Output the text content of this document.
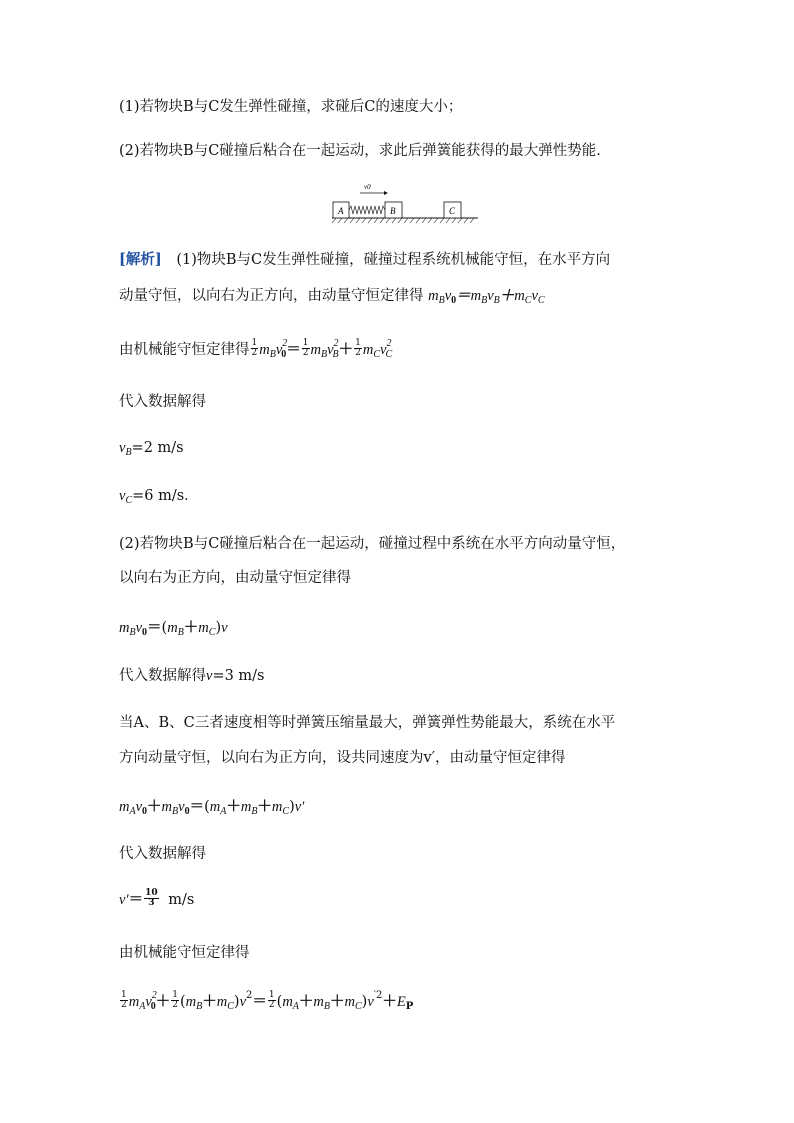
(1)若物块B与C发生弹性碰撞，求碰后C的速度大小；
(2)若物块B与C碰撞后粘合在一起运动，求此后弹簧能获得的最大弹性势能．
v0
A	B	C
[解析] (1)物块B与C发生弹性碰撞，碰撞过程系统机械能守恒，在水平方向
动量守恒，以向右为正方向，由动量守恒定律得 $m_Bv_0=m_Bv_B+m_Cv_C$
由机械能守恒定律得 $\frac{1}{2} m_Bv^2_0= \frac{1}{2} m_Bv^2_B+ \frac{1}{2} m_Cv^2_C$
代入数据解得
$v_B=2$ m/s
$v_C=6$ m/s．
(2)若物块B与C碰撞后粘合在一起运动，碰撞过程中系统在水平方向动量守恒，
以向右为正方向，由动量守恒定律得
$m_Bv_0=(m_B+m_C)v$
代入数据解得v=3 m/s
当A、B、C三者速度相等时弹簧压缩量最大，弹簧弹性势能最大，系统在水平
方向动量守恒，以向右为正方向，设共同速度为v′，由动量守恒定律得
$m_Av_0+m_Bv_0=(m_A+m_B+m_C)v'$
代入数据解得
$v'= \frac{10}{3} m/s$
由机械能守恒定律得
$\frac{1}{2} m_Av^2_0+ \frac{1}{2} (m_B+m_C)v^2= \frac{1}{2} (m_A+m_B+m_C)v^{'2}+E_P$
